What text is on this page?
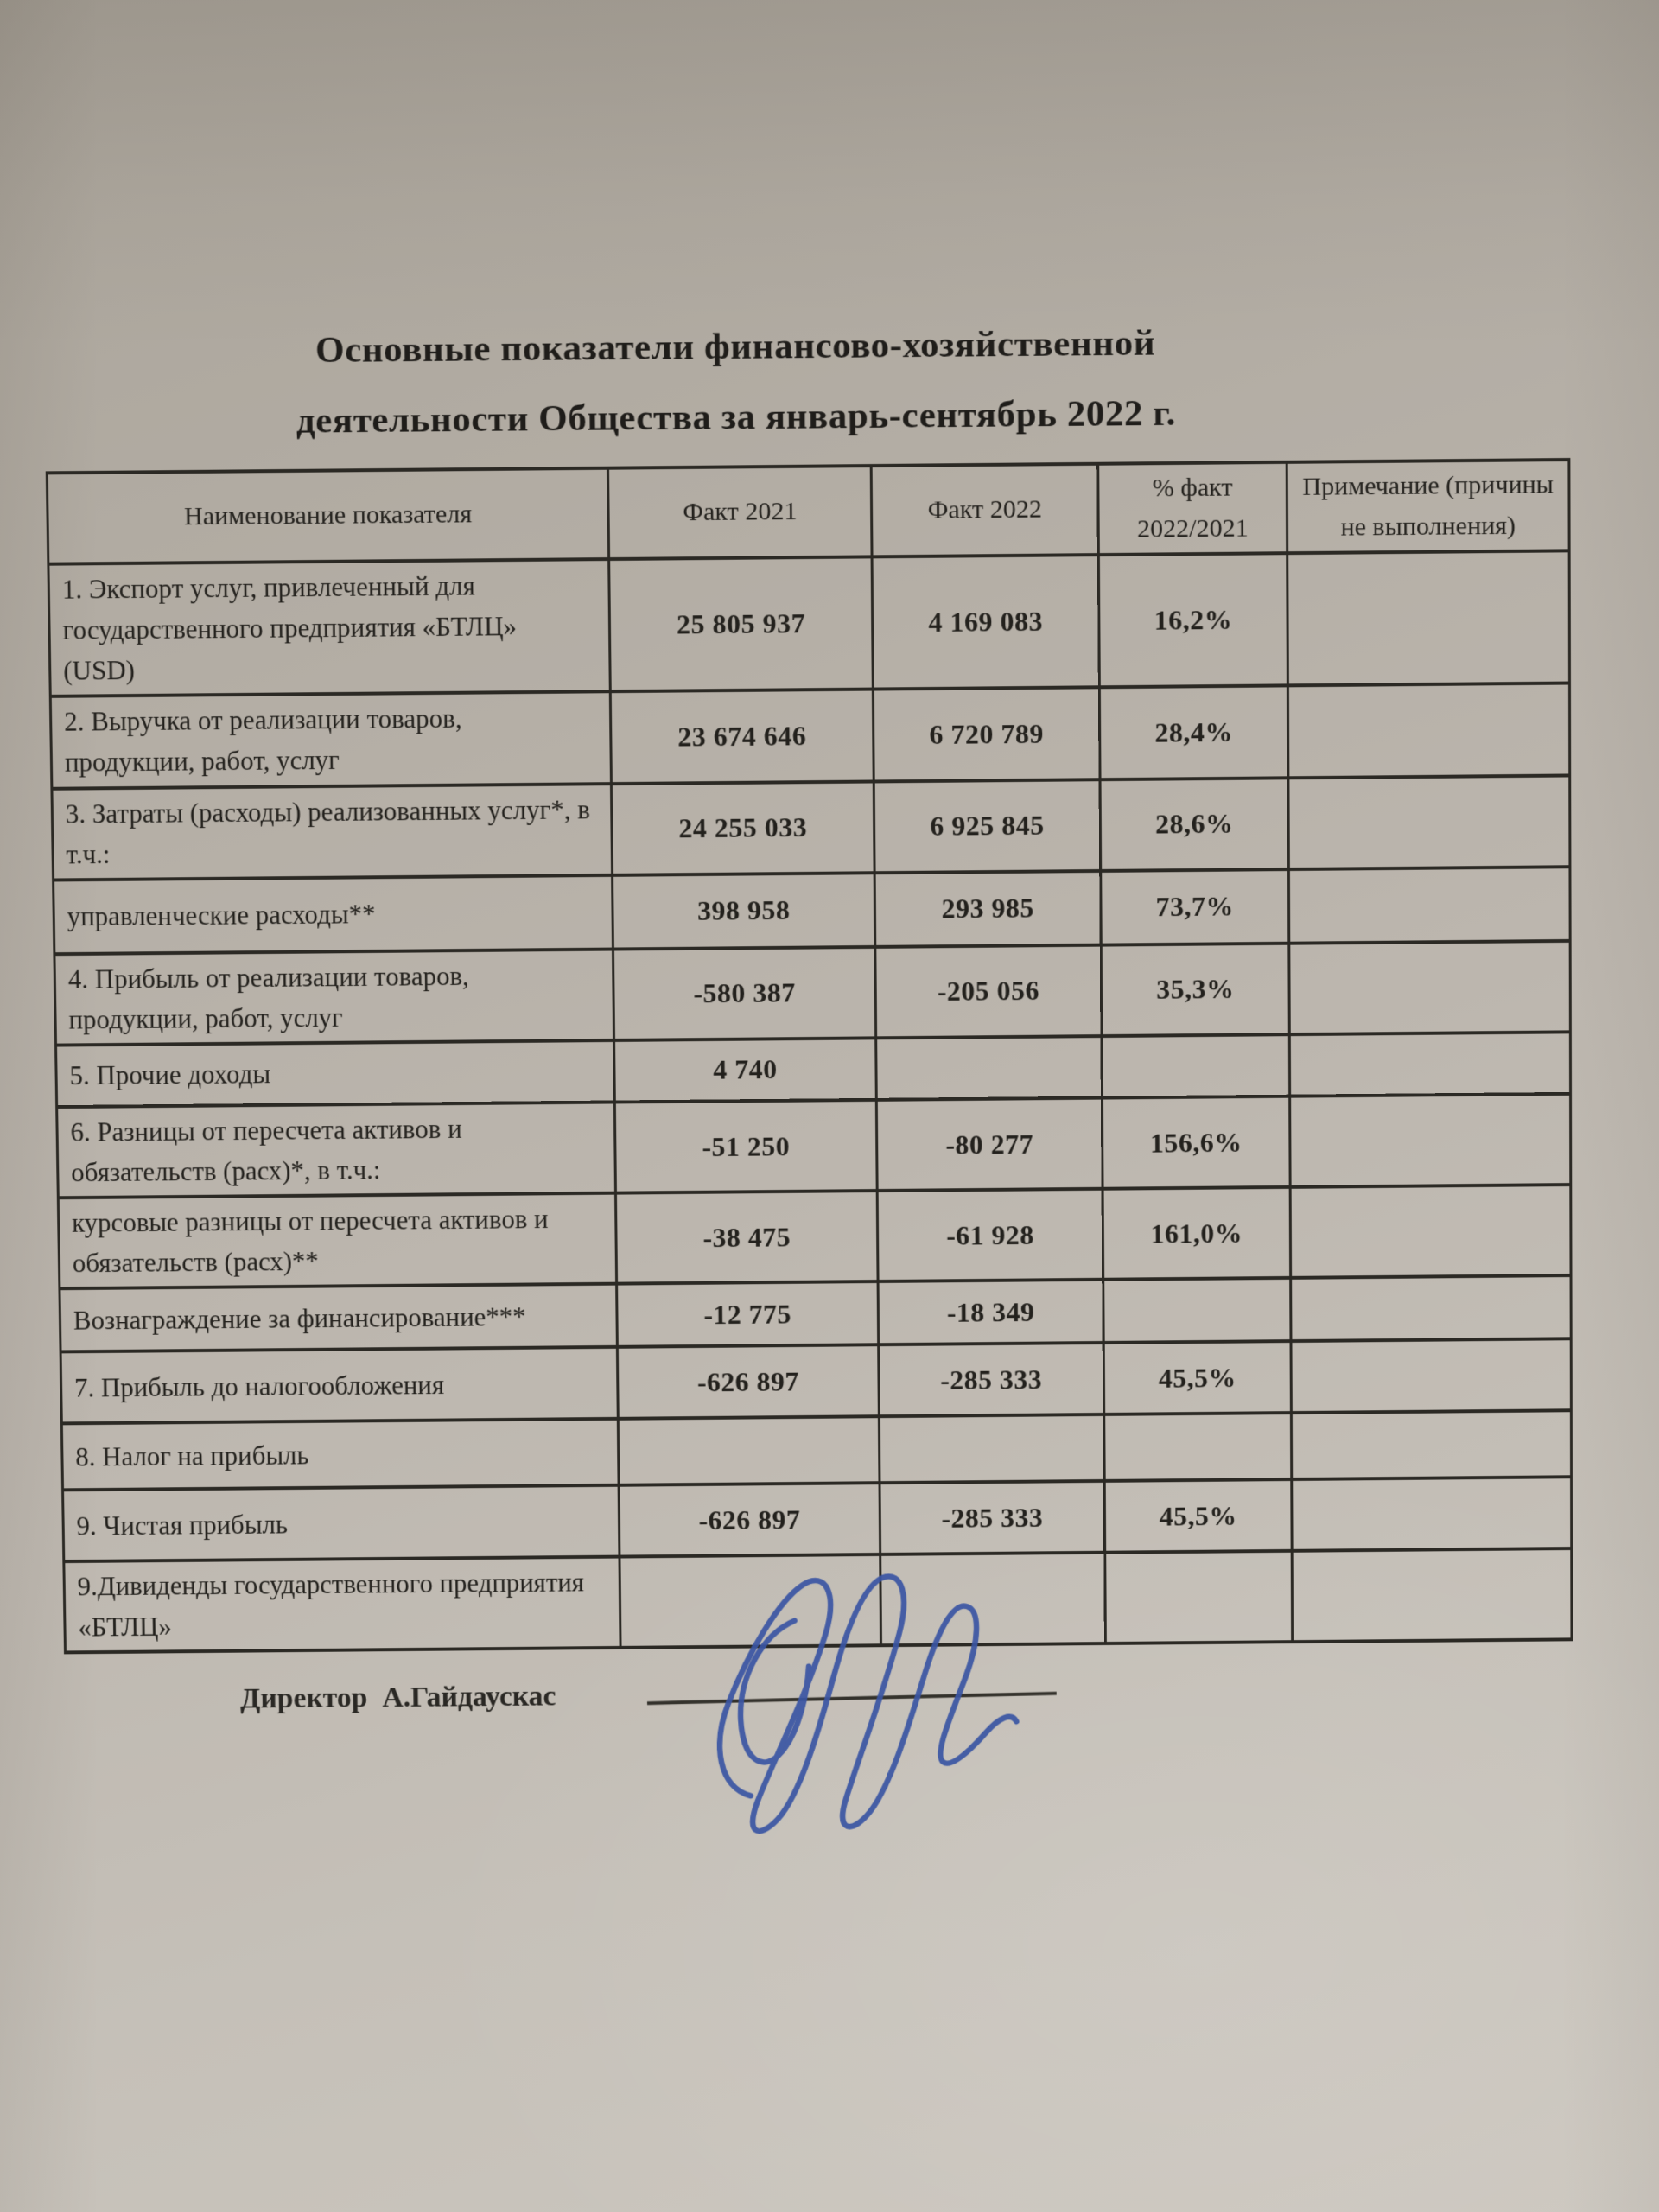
Основные показатели финансово-хозяйственной
деятельности Общества за январь-сентябрь 2022 г.
Наименование показателя	Факт 2021	Факт 2022	% факт 2022/2021	Примечание (причины не выполнения)
1. Экспорт услуг, привлеченный для государственного предприятия «БТЛЦ» (USD)	25 805 937	4 169 083	16,2%	
2. Выручка от реализации товаров, продукции, работ, услуг	23 674 646	6 720 789	28,4%	
3. Затраты (расходы) реализованных услуг*, в т.ч.:	24 255 033	6 925 845	28,6%	
управленческие расходы**	398 958	293 985	73,7%	
4. Прибыль от реализации товаров, продукции, работ, услуг	-580 387	-205 056	35,3%	
5. Прочие доходы	4 740			
6. Разницы от пересчета активов и обязательств (расх)*, в т.ч.:	-51 250	-80 277	156,6%	
курсовые разницы от пересчета активов и обязательств (расх)**	-38 475	-61 928	161,0%	
Вознаграждение за финансирование***	-12 775	-18 349		
7. Прибыль до налогообложения	-626 897	-285 333	45,5%	
8. Налог на прибыль				
9. Чистая прибыль	-626 897	-285 333	45,5%	
9.Дивиденды государственного предприятия «БТЛЦ»				
Директор  А.Гайдаускас
